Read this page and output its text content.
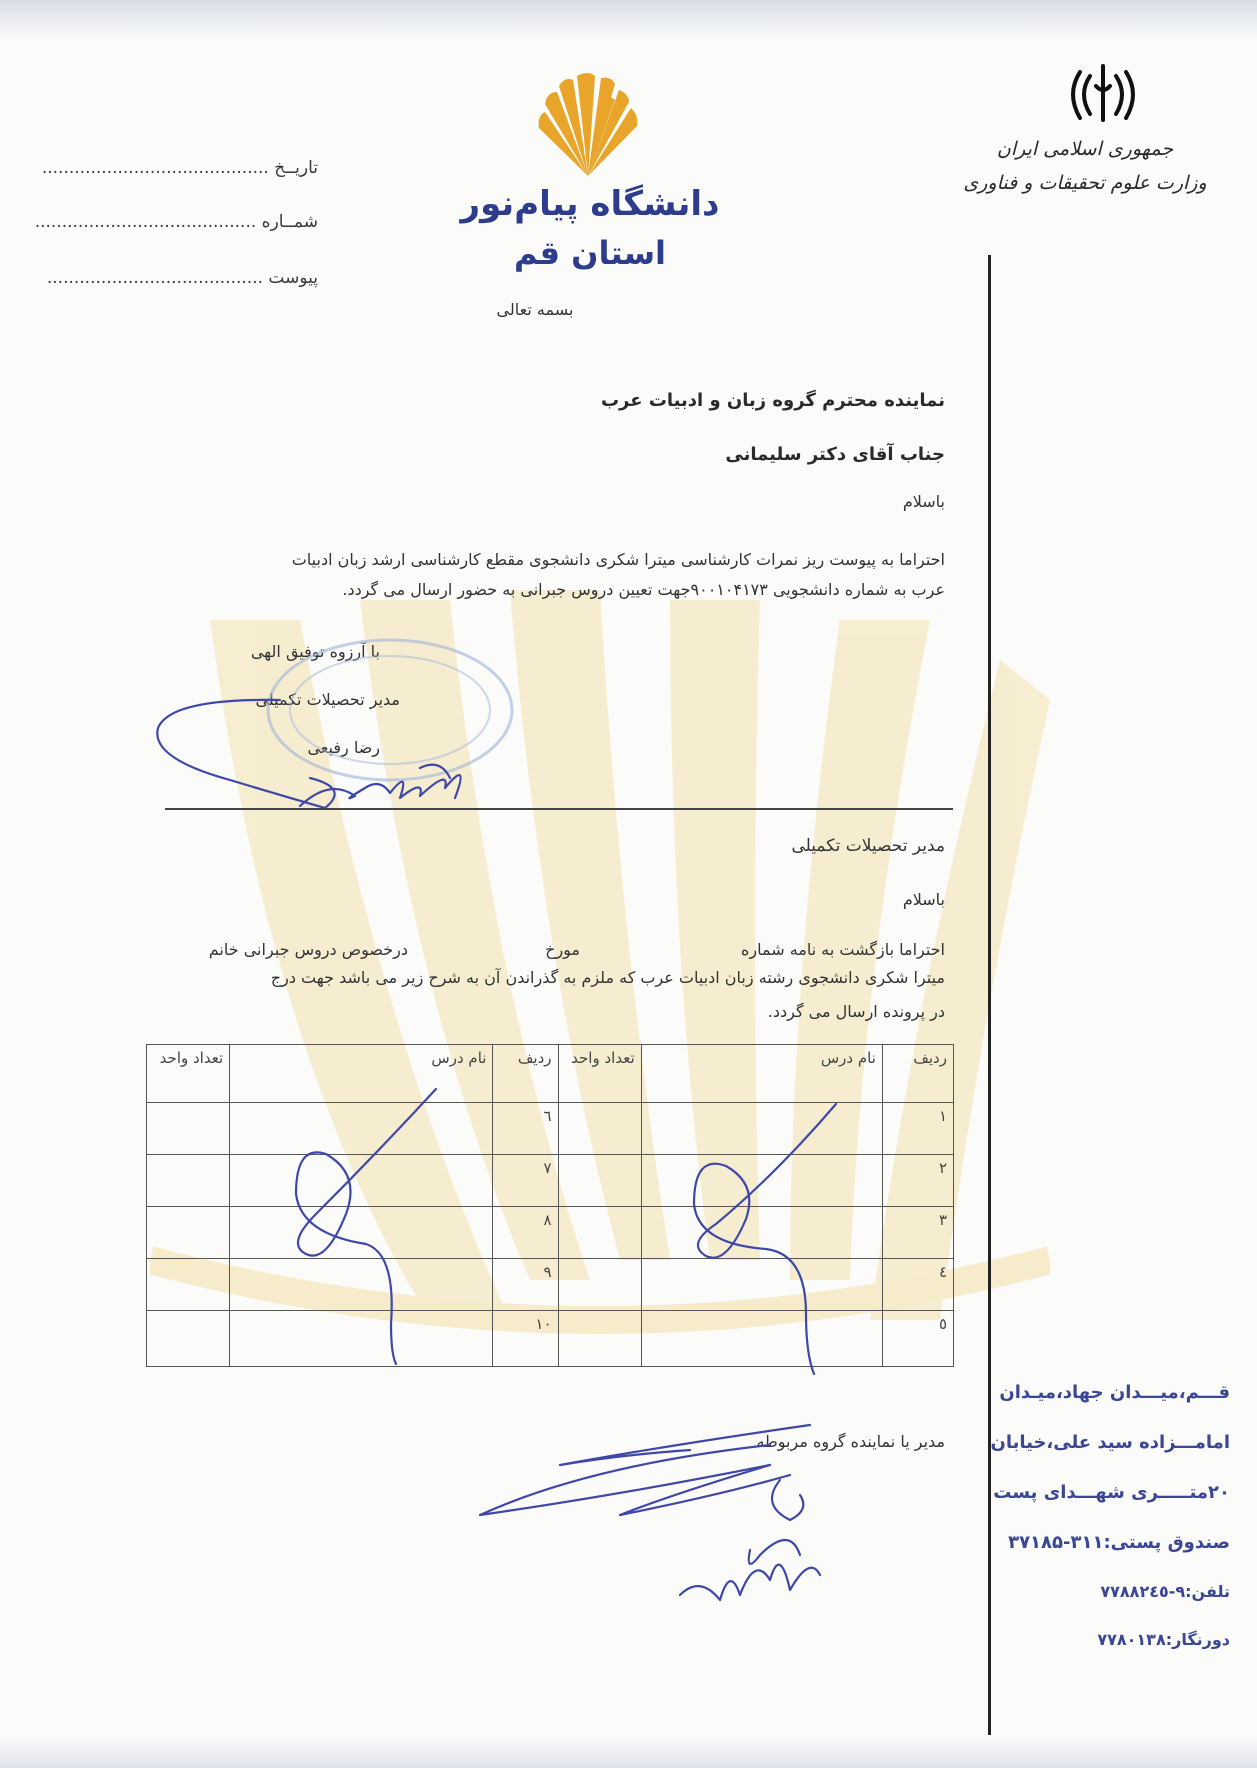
جمهوری اسلامی ایران
وزارت علوم تحقیقات و فناوری
دانشگاه پیام‌نور
استان قم
بسمه تعالی
تاریــخ ..........................................
شمــاره .........................................
پیوست ........................................
نماینده محترم گروه زبان و ادبیات عرب
جناب آقای دکتر سلیمانی
باسلام
احتراما به پیوست ریز نمرات کارشناسی میترا شکری دانشجوی مقطع کارشناسی ارشد زبان ادبیات
عرب به شماره دانشجویی ۹۰۰۱۰۴۱۷۳جهت تعیین دروس جبرانی به حضور ارسال می گردد.
با آرزوه توفیق الهی
مدیر تحصیلات تکمیلی
رضا رفیعی
مدیر تحصیلات تکمیلی
باسلام
احتراما بازگشت به نامه شماره
مورخ
درخصوص دروس جبرانی خانم
میترا شکری دانشجوی رشته زبان ادبیات عرب که ملزم به گذراندن آن به شرح زیر می باشد جهت درج
در پرونده ارسال می گردد.
ردیف	نام درس	تعداد واحد	ردیف	نام درس	تعداد واحد
۱			٦		
۲			۷		
۳			۸		
٤			۹		
٥			۱۰		
مدیر یا نماینده گروه مربوطه
قـــم،میـــدان جهاد،میـدان
امامـــزاده سید علی،خیابان
۲۰متـــــری شهـــدای پست
صندوق پستی:۳۱۱-۳۷۱۸۵
تلفن:۹-۷۷۸۸۲٤٥
دورنگار:۷۷۸۰۱۳۸
